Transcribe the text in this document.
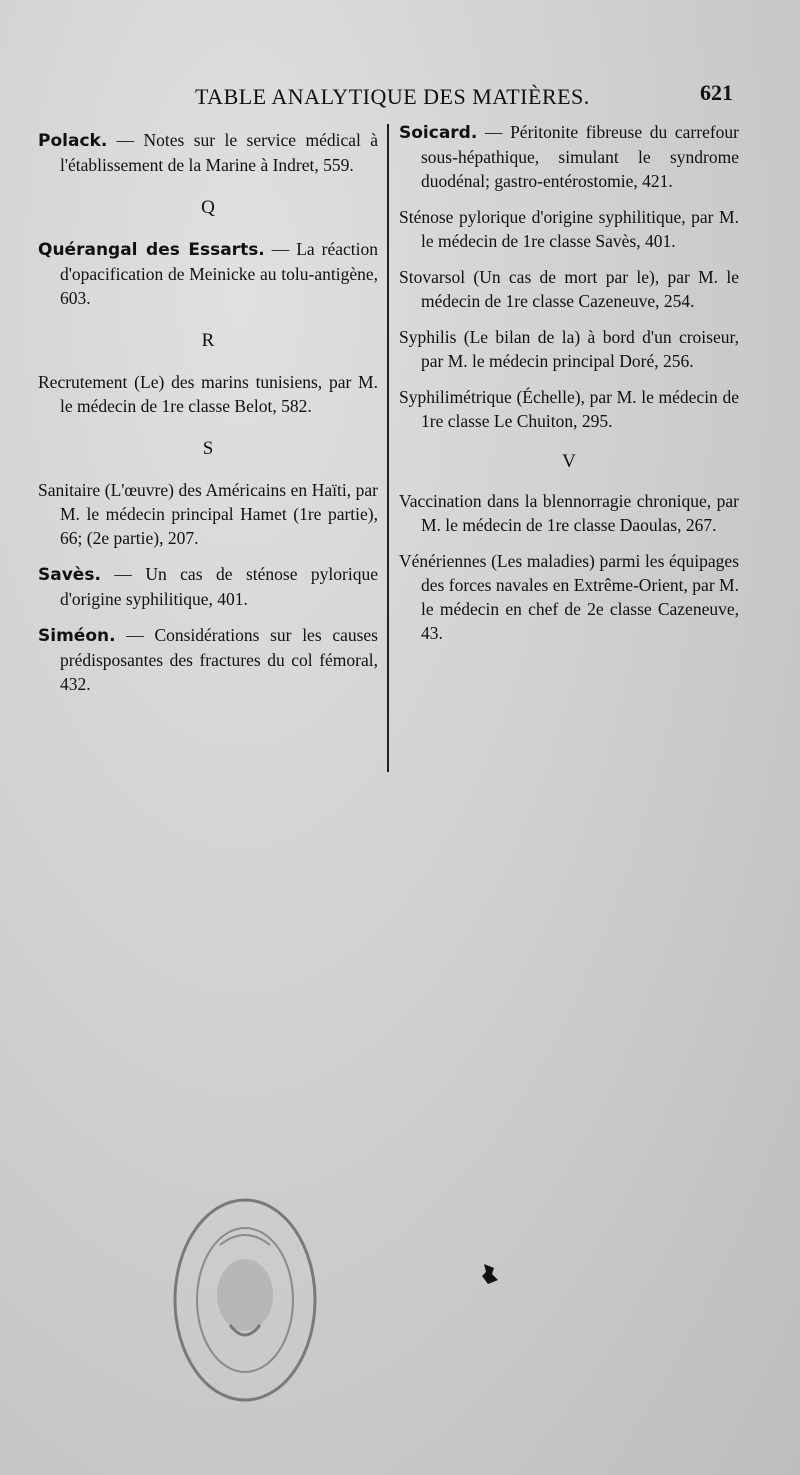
TABLE ANALYTIQUE DES MATIÈRES.	621

Polack. — Notes sur le service médical à l'établissement de la Marine à Indret, 559.

Q

Quérangal des Essarts. — La réaction d'opacification de Meinicke au tolu-antigène, 603.

R

Recrutement (Le) des marins tunisiens, par M. le médecin de 1re classe Belot, 582.

S

Sanitaire (L'œuvre) des Américains en Haïti, par M. le médecin principal Hamet (1re partie), 66; (2e partie), 207.

Savès. — Un cas de sténose pylorique d'origine syphilitique, 401.

Siméon. — Considérations sur les causes prédisposantes des fractures du col fémoral, 432.

Soicard. — Péritonite fibreuse du carrefour sous-hépathique, simulant le syndrome duodénal; gastro-entérostomie, 421.

Sténose pylorique d'origine syphilitique, par M. le médecin de 1re classe Savès, 401.

Stovarsol (Un cas de mort par le), par M. le médecin de 1re classe Cazeneuve, 254.

Syphilis (Le bilan de la) à bord d'un croiseur, par M. le médecin principal Doré, 256.

Syphilimétrique (Échelle), par M. le médecin de 1re classe Le Chuiton, 295.

V

Vaccination dans la blennorragie chronique, par M. le médecin de 1re classe Daoulas, 267.

Vénériennes (Les maladies) parmi les équipages des forces navales en Extrême-Orient, par M. le médecin en chef de 2e classe Cazeneuve, 43.
